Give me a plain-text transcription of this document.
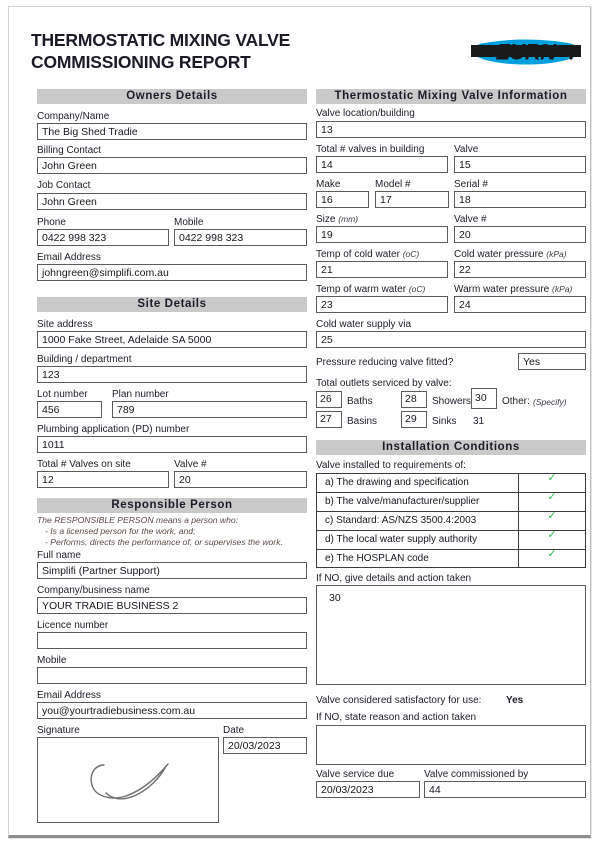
THERMOSTATIC MIXING VALVE
COMMISSIONING REPORT	ZURN
Owners Details
Company/Name
The Big Shed Tradie
Billing Contact
John Green
Job Contact
John Green
Phone
0422 998 323
Mobile
0422 998 323
Email Address
johngreen@simplifi.com.au
Site Details
Site address
1000 Fake Street, Adelaide SA 5000
Building / department
123
Lot number
456
Plan number
789
Plumbing application (PD) number
1011
Total # Valves on site
12
Valve #
20
Responsible Person
The RESPONSIBLE PERSON means a person who:
- Is a licensed person for the work, and;
- Performs, directs the performance of, or supervises the work.
Full name
Simplifi (Partner Support)
Company/business name
YOUR TRADIE BUSINESS 2
Licence number
Mobile
Email Address
you@yourtradiebusiness.com.au
Signature	Date
20/03/2023
Thermostatic Mixing Valve Information
Valve location/building
13
Total # valves in building
14
Valve
15
Make
16
Model #
17
Serial #
18
Size (mm)
19
Valve #
20
Temp of cold water (oC)
21
Cold water pressure (kPa)
22
Temp of warm water (oC)
23
Warm water pressure (kPa)
24
Cold water supply via
25
Pressure reducing valve fitted?	Yes
Total outlets serviced by valve:
26	Baths	28	Showers 30	Other: (Specify)
27	Basins	29	Sinks 31
Installation Conditions
Valve installed to requirements of:
a) The drawing and specification	✓
b) The valve/manufacturer/supplier	✓
c) Standard: AS/NZS 3500.4:2003	✓
d) The local water supply authority	✓
e) The HOSPLAN code	✓
If NO, give details and action taken
30
Valve considered satisfactory for use: Yes
If NO, state reason and action taken
Valve service due
20/03/2023
Valve commissioned by
44
